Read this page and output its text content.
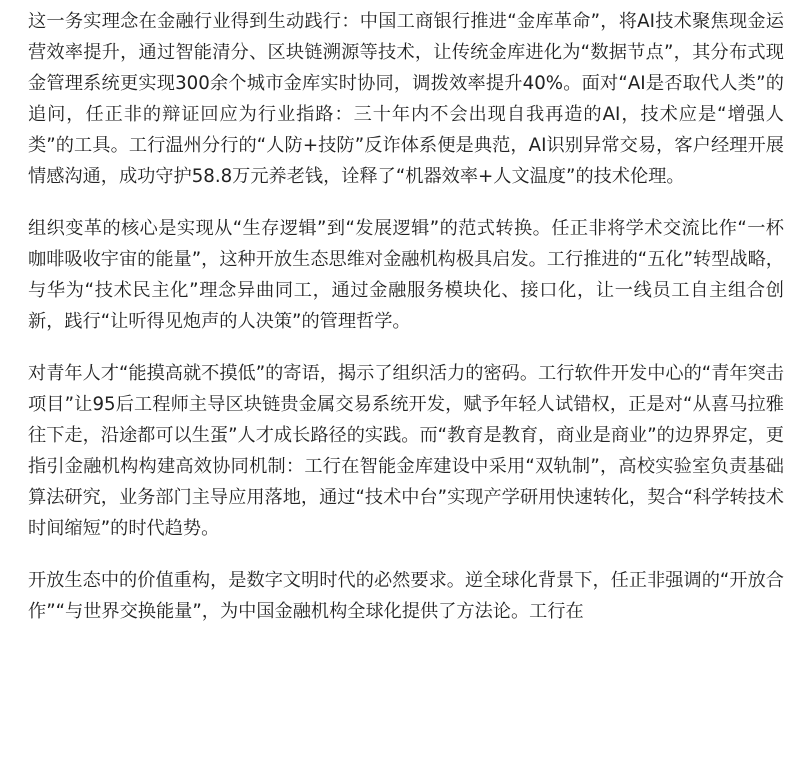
这一务实理念在金融行业得到生动践行：中国工商银行推进“金库革命”，将AI技术聚焦现金运营效率提升，通过智能清分、区块链溯源等技术，让传统金库进化为“数据节点”，其分布式现金管理系统更实现300余个城市金库实时协同，调拨效率提升40%。面对“AI是否取代人类”的追问，任正非的辩证回应为行业指路：三十年内不会出现自我再造的AI，技术应是“增强人类”的工具。工行温州分行的“人防+技防”反诈体系便是典范，AI识别异常交易，客户经理开展情感沟通，成功守护58.8万元养老钱，诠释了“机器效率+人文温度”的技术伦理。

组织变革的核心是实现从“生存逻辑”到“发展逻辑”的范式转换。任正非将学术交流比作“一杯咖啡吸收宇宙的能量”，这种开放生态思维对金融机构极具启发。工行推进的“五化”转型战略，与华为“技术民主化”理念异曲同工，通过金融服务模块化、接口化，让一线员工自主组合创新，践行“让听得见炮声的人决策”的管理哲学。

对青年人才“能摸高就不摸低”的寄语，揭示了组织活力的密码。工行软件开发中心的“青年突击项目”让95后工程师主导区块链贵金属交易系统开发，赋予年轻人试错权，正是对“从喜马拉雅往下走，沿途都可以生蛋”人才成长路径的实践。而“教育是教育，商业是商业”的边界界定，更指引金融机构构建高效协同机制：工行在智能金库建设中采用“双轨制”，高校实验室负责基础算法研究，业务部门主导应用落地，通过“技术中台”实现产学研用快速转化，契合“科学转技术时间缩短”的时代趋势。

开放生态中的价值重构，是数字文明时代的必然要求。逆全球化背景下，任正非强调的“开放合作”“与世界交换能量”，为中国金融机构全球化提供了方法论。工行在
